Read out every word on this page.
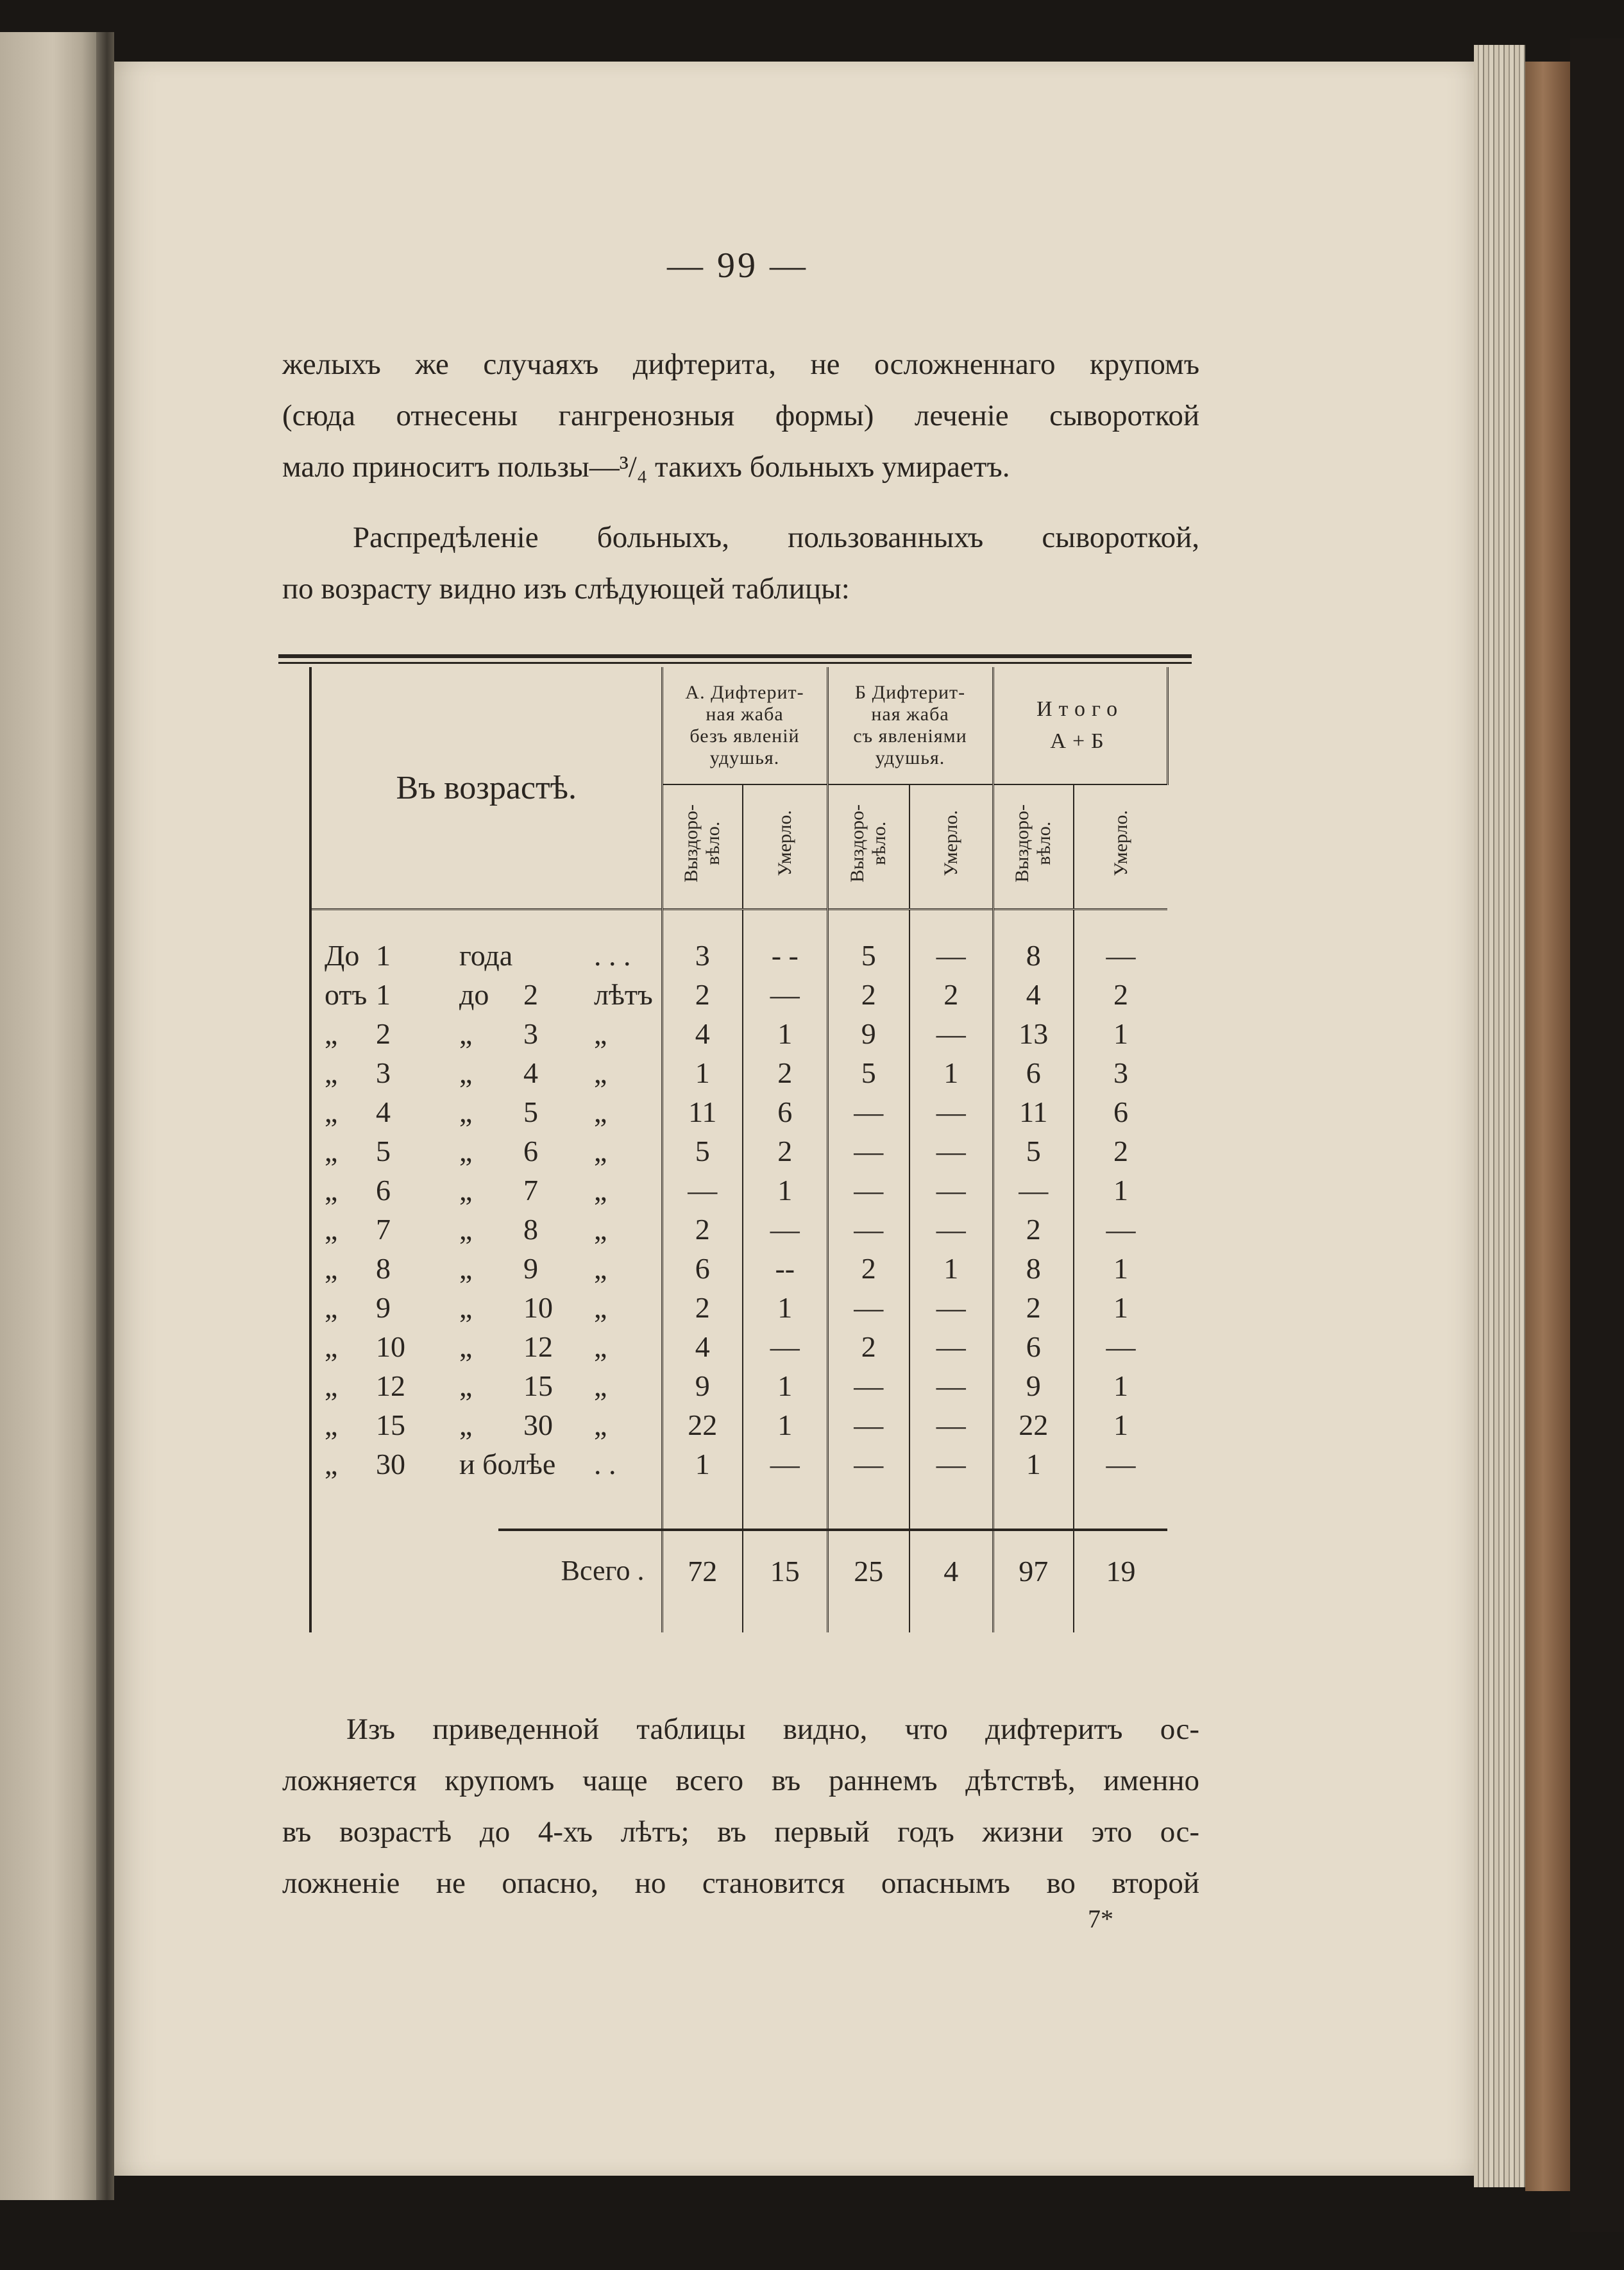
— 99 —
желыхъ же случаяхъ дифтерита, не осложненнаго крупомъ
(сюда отнесены гангренозныя формы) леченіе сывороткой
мало приноситъ пользы—³/₄ такихъ больныхъ умираетъ.
Распредѣленіе больныхъ, пользованныхъ сывороткой,
по возрасту видно изъ слѣдующей таблицы:
Въ возрастѣ.	А. Дифтерит-
ная жаба
безъ явленій
удушья.		Б Дифтерит-
ная жаба
съ явленіями
удушья.		Итого
А+Б	
	Выздоро-
вѣло.	Умерло.	Выздоро-
вѣло.	Умерло.	Выздоро-
вѣло.	Умерло.

До 1 года . . .	3	- -	5	—	8	—

отъ 1 до 2 лѣтъ	2	—	2	2	4	2

„ 2 „ 3 „	4	1	9	—	13	1

„ 3 „ 4 „	1	2	5	1	6	3

„ 4 „ 5 „	11	6	—	—	11	6

„ 5 „ 6 „	5	2	—	—	5	2

„ 6 „ 7 „	—	1	—	—	—	1

„ 7 „ 8 „	2	—	—	—	2	—

„ 8 „ 9 „	6	--	2	1	8	1

„ 9 „ 10 „	2	1	—	—	2	1

„ 10 „ 12 „	4	—	2	—	6	—

„ 12 „ 15 „	9	1	—	—	9	1

„ 15 „ 30 „	22	1	—	—	22	1

„ 30 и болѣе . .	1	—	—	—	1	—

Всего .	72	15	25	4	97	19

Изъ приведенной таблицы видно, что дифтеритъ ос-
ложняется крупомъ чаще всего въ раннемъ дѣтствѣ, именно
въ возрастѣ до 4-хъ лѣтъ; въ первый годъ жизни это ос-
ложненіе не опасно, но становится опаснымъ во второй
7*
